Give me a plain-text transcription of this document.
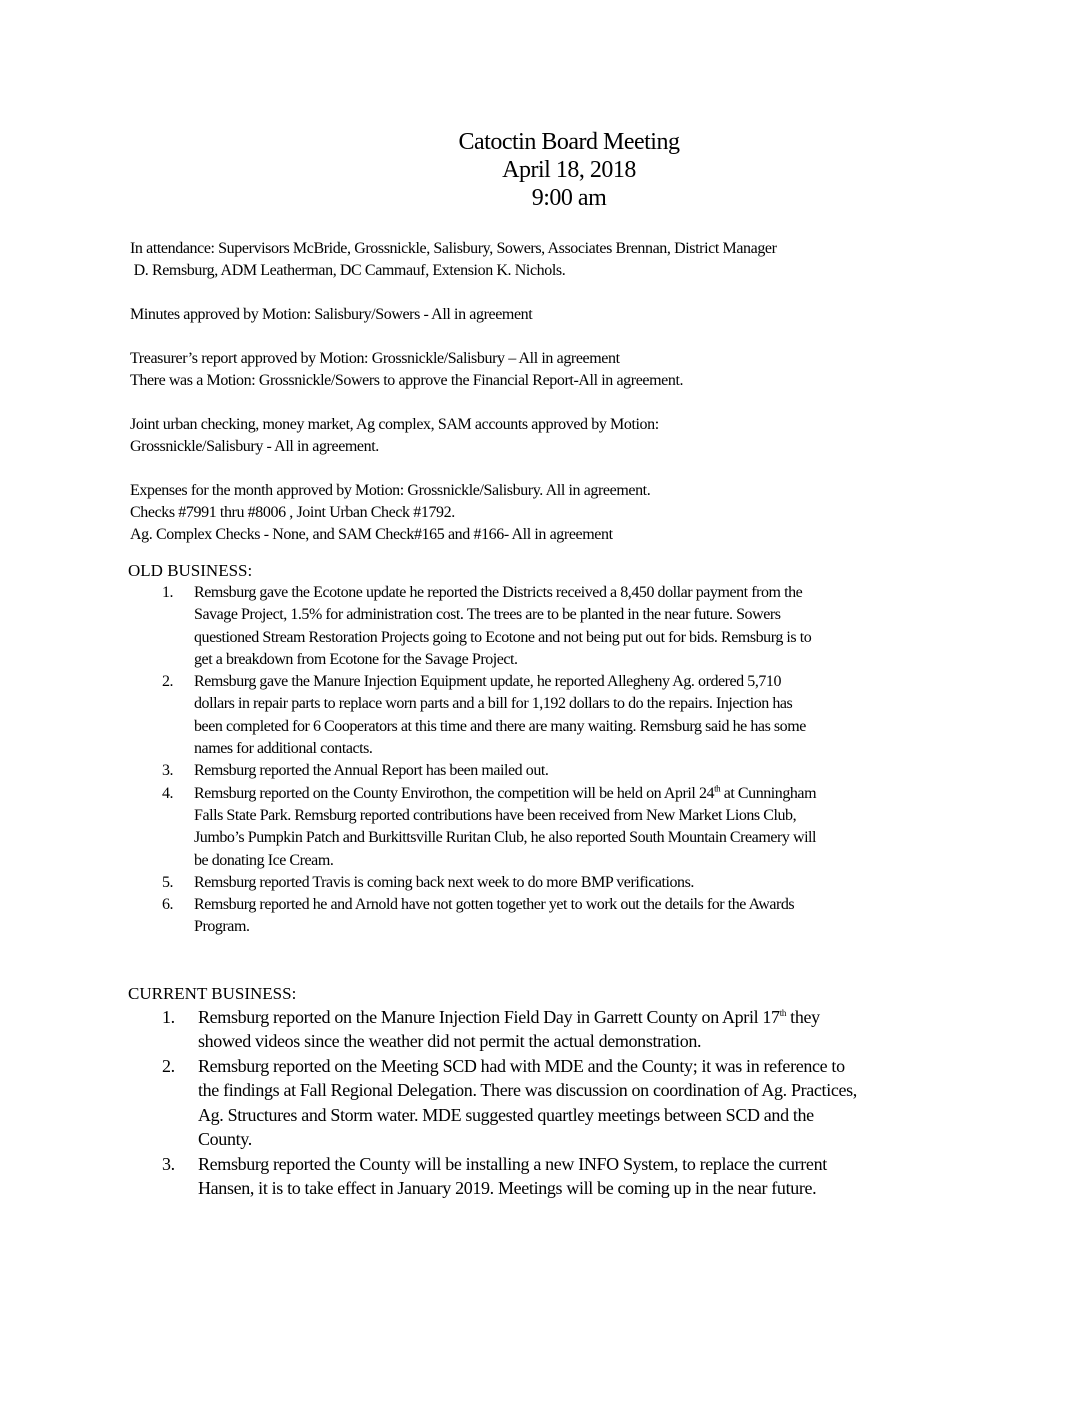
Catoctin Board Meeting
April 18, 2018
9:00 am
In attendance: Supervisors McBride, Grossnickle, Salisbury, Sowers, Associates Brennan, District Manager
D. Remsburg, ADM Leatherman, DC Cammauf, Extension K. Nichols.
Minutes approved by Motion: Salisbury/Sowers - All in agreement
Treasurer’s report approved by Motion: Grossnickle/Salisbury – All in agreement
There was a Motion: Grossnickle/Sowers to approve the Financial Report-All in agreement.
Joint urban checking, money market, Ag complex, SAM accounts approved by Motion:
Grossnickle/Salisbury - All in agreement.
Expenses for the month approved by Motion: Grossnickle/Salisbury. All in agreement.
Checks #7991 thru #8006 , Joint Urban Check #1792.
Ag. Complex Checks - None, and SAM Check#165 and #166- All in agreement
OLD BUSINESS:
1. Remsburg gave the Ecotone update he reported the Districts received a 8,450 dollar payment from the
Savage Project, 1.5% for administration cost. The trees are to be planted in the near future. Sowers
questioned Stream Restoration Projects going to Ecotone and not being put out for bids. Remsburg is to
get a breakdown from Ecotone for the Savage Project.
2. Remsburg gave the Manure Injection Equipment update, he reported Allegheny Ag. ordered 5,710
dollars in repair parts to replace worn parts and a bill for 1,192 dollars to do the repairs. Injection has
been completed for 6 Cooperators at this time and there are many waiting. Remsburg said he has some
names for additional contacts.
3. Remsburg reported the Annual Report has been mailed out.
4. Remsburg reported on the County Envirothon, the competition will be held on April 24th at Cunningham
Falls State Park. Remsburg reported contributions have been received from New Market Lions Club,
Jumbo’s Pumpkin Patch and Burkittsville Ruritan Club, he also reported South Mountain Creamery will
be donating Ice Cream.
5. Remsburg reported Travis is coming back next week to do more BMP verifications.
6. Remsburg reported he and Arnold have not gotten together yet to work out the details for the Awards
Program.
CURRENT BUSINESS:
1. Remsburg reported on the Manure Injection Field Day in Garrett County on April 17th they
showed videos since the weather did not permit the actual demonstration.
2. Remsburg reported on the Meeting SCD had with MDE and the County; it was in reference to
the findings at Fall Regional Delegation. There was discussion on coordination of Ag. Practices,
Ag. Structures and Storm water. MDE suggested quartley meetings between SCD and the
County.
3. Remsburg reported the County will be installing a new INFO System, to replace the current
Hansen, it is to take effect in January 2019. Meetings will be coming up in the near future.
